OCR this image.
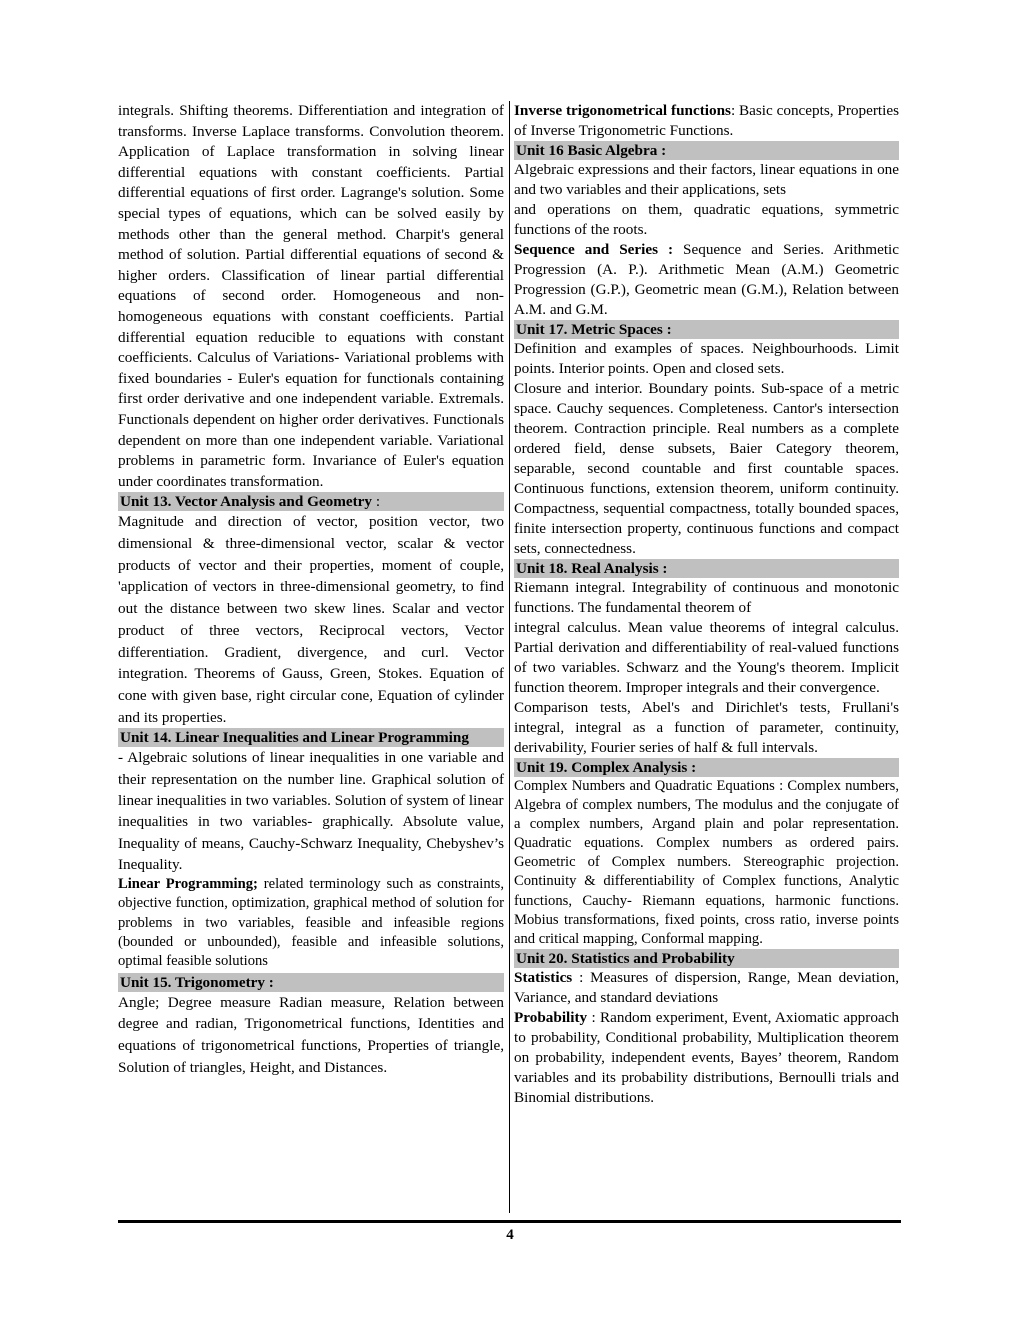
integrals. Shifting theorems. Differentiation and integration of transforms. Inverse Laplace transforms. Convolution theorem. Application of Laplace transformation in solving linear differential equations with constant coefficients. Partial differential equations of first order. Lagrange's solution. Some special types of equations, which can be solved easily by methods other than the general method. Charpit's general method of solution. Partial differential equations of second & higher orders. Classification of linear partial differential equations of second order. Homogeneous and non-homogeneous equations with constant coefficients. Partial differential equation reducible to equations with constant coefficients. Calculus of Variations- Variational problems with fixed boundaries - Euler's equation for functionals containing first order derivative and one independent variable. Extremals. Functionals dependent on higher order derivatives. Functionals dependent on more than one independent variable. Variational problems in parametric form. Invariance of Euler's equation under coordinates transformation.

Unit 13. Vector Analysis and Geometry :

Magnitude and direction of vector, position vector, two dimensional & three-dimensional vector, scalar & vector products of vector and their properties, moment of couple, 'application of vectors in three-dimensional geometry, to find out the distance between two skew lines. Scalar and vector product of three vectors, Reciprocal vectors, Vector differentiation. Gradient, divergence, and curl. Vector integration. Theorems of Gauss, Green, Stokes. Equation of cone with given base, right circular cone, Equation of cylinder and its properties.

Unit 14. Linear Inequalities and Linear Programming

- Algebraic solutions of linear inequalities in one variable and their representation on the number line. Graphical solution of linear inequalities in two variables. Solution of system of linear

inequalities in two variables- graphically. Absolute value, Inequality of means, Cauchy-Schwarz Inequality, Chebyshev’s Inequality.

Linear Programming; related terminology such as constraints, objective function, optimization, graphical method of solution for problems in two variables, feasible and infeasible regions (bounded or unbounded), feasible and infeasible solutions, optimal feasible solutions

Unit 15. Trigonometry :

Angle; Degree measure Radian measure, Relation between degree and radian, Trigonometrical functions, Identities and equations of trigonometrical functions, Properties of triangle, Solution of triangles, Height, and Distances.

Inverse trigonometrical functions: Basic concepts, Properties of Inverse Trigonometric Functions.

Unit 16 Basic Algebra :

Algebraic expressions and their factors, linear equations in one and two variables and their applications, sets

and operations on them, quadratic equations, symmetric functions of the roots.

Sequence and Series : Sequence and Series. Arithmetic Progression (A. P.). Arithmetic Mean (A.M.) Geometric Progression (G.P.), Geometric mean (G.M.), Relation between A.M. and G.M.

Unit 17. Metric Spaces :

Definition and examples of spaces. Neighbourhoods. Limit points. Interior points. Open and closed sets.

Closure and interior. Boundary points. Sub-space of a metric space. Cauchy sequences. Completeness. Cantor's intersection theorem. Contraction principle. Real numbers as a complete ordered field, dense subsets, Baier Category theorem, separable, second countable and first countable spaces. Continuous functions, extension theorem, uniform continuity. Compactness, sequential compactness, totally bounded spaces, finite intersection property, continuous functions and compact sets, connectedness.

Unit 18. Real Analysis :

Riemann integral. Integrability of continuous and monotonic functions. The fundamental theorem of

integral calculus. Mean value theorems of integral calculus. Partial derivation and differentiability of real-valued functions of two variables. Schwarz and the Young's theorem. Implicit function theorem. Improper integrals and their convergence.

Comparison tests, Abel's and Dirichlet's tests, Frullani's integral, integral as a function of parameter, continuity, derivability, Fourier series of half & full intervals.

Unit 19. Complex Analysis :

Complex Numbers and Quadratic Equations : Complex numbers, Algebra of complex numbers, The modulus and the conjugate of a complex numbers, Argand plain and polar representation. Quadratic equations. Complex numbers as ordered pairs. Geometric of Complex numbers. Stereographic projection. Continuity & differentiability of Complex functions, Analytic functions, Cauchy- Riemann equations, harmonic functions. Mobius transformations, fixed points, cross ratio, inverse points and critical mapping, Conformal mapping.

Unit 20. Statistics and Probability

Statistics : Measures of dispersion, Range, Mean deviation, Variance, and standard deviations

Probability : Random experiment, Event, Axiomatic approach to probability, Conditional probability, Multiplication theorem on probability, independent events, Bayes’ theorem, Random variables and its probability distributions, Bernoulli trials and Binomial distributions.

4
